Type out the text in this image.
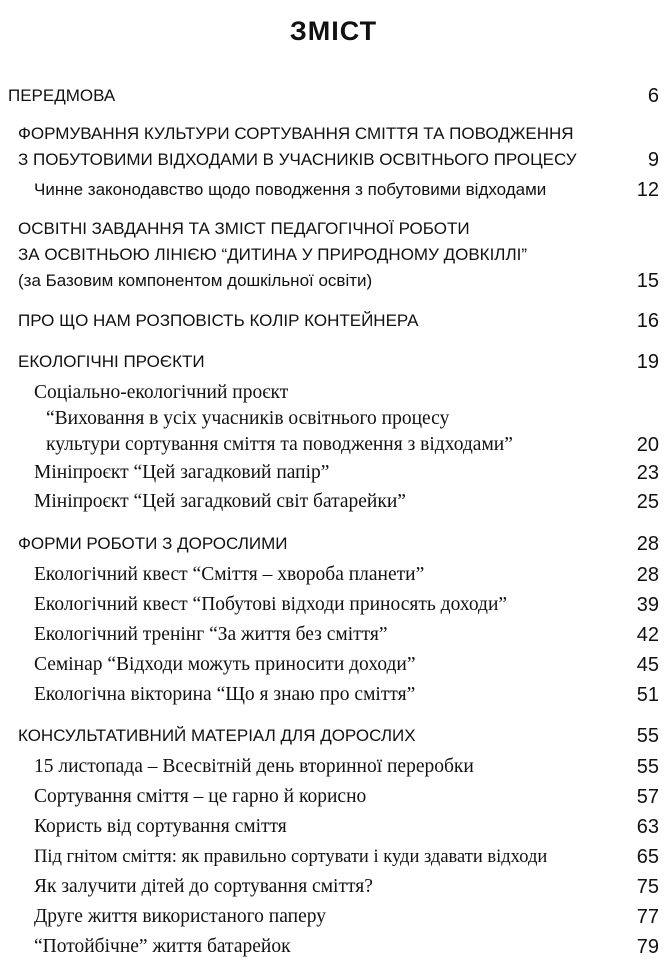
ЗМІСТ
ПЕРЕДМОВА	6
ФОРМУВАННЯ КУЛЬТУРИ СОРТУВАННЯ СМІТТЯ ТА ПОВОДЖЕННЯ
З ПОБУТОВИМИ ВІДХОДАМИ В УЧАСНИКІВ ОСВІТНЬОГО ПРОЦЕСУ	9
Чинне законодавство щодо поводження з побутовими відходами	12
ОСВІТНІ ЗАВДАННЯ ТА ЗМІСТ ПЕДАГОГІЧНОЇ РОБОТИ
ЗА ОСВІТНЬОЮ ЛІНІЄЮ “ДИТИНА У ПРИРОДНОМУ ДОВКІЛЛІ”
(за Базовим компонентом дошкільної освіти)	15
ПРО ЩО НАМ РОЗПОВІСТЬ КОЛІР КОНТЕЙНЕРА	16
ЕКОЛОГІЧНІ ПРОЄКТИ	19
Соціально-екологічний проєкт
“Виховання в усіх учасників освітнього процесу
культури сортування сміття та поводження з відходами”	20
Мініпроєкт “Цей загадковий папір”	23
Мініпроєкт “Цей загадковий світ батарейки”	25
ФОРМИ РОБОТИ З ДОРОСЛИМИ	28
Екологічний квест “Сміття – хвороба планети”	28
Екологічний квест “Побутові відходи приносять доходи”	39
Екологічний тренінг “За життя без сміття”	42
Семінар “Відходи можуть приносити доходи”	45
Екологічна вікторина “Що я знаю про сміття”	51
КОНСУЛЬТАТИВНИЙ МАТЕРІАЛ ДЛЯ ДОРОСЛИХ	55
15 листопада – Всесвітній день вторинної переробки	55
Сортування сміття – це гарно й корисно	57
Користь від сортування сміття	63
Під гнітом сміття: як правильно сортувати і куди здавати відходи	65
Як залучити дітей до сортування сміття?	75
Друге життя використаного паперу	77
“Потойбічне” життя батарейок	79
